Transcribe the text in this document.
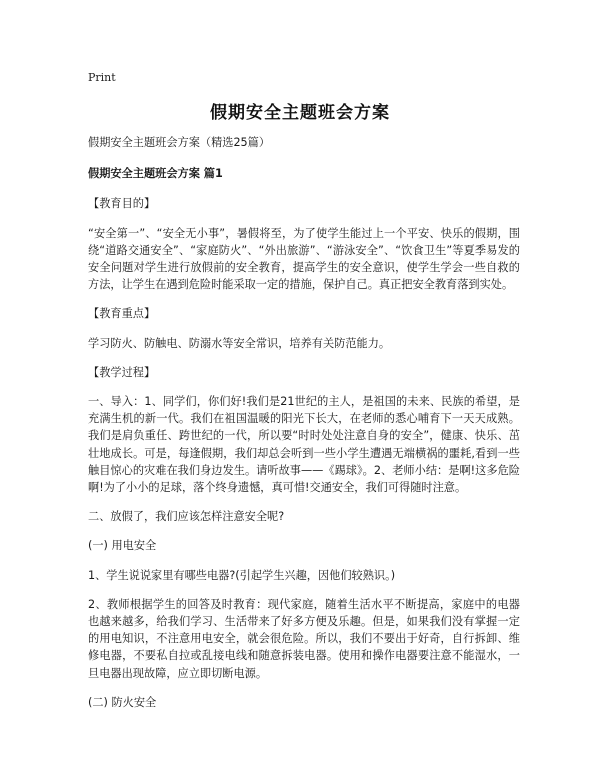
Print
假期安全主题班会方案

假期安全主题班会方案（精选25篇）

假期安全主题班会方案 篇1

【教育目的】

“安全第一”、“安全无小事”，暑假将至，为了使学生能过上一个平安、快乐的假期，围绕“道路交通安全”、“家庭防火”、“外出旅游”、“游泳安全”、“饮食卫生”等夏季易发的安全问题对学生进行放假前的安全教育，提高学生的安全意识，使学生学会一些自救的方法，让学生在遇到危险时能采取一定的措施，保护自己。真正把安全教育落到实处。

【教育重点】

学习防火、防触电、防溺水等安全常识，培养有关防范能力。

【教学过程】

一、导入：1、同学们，你们好!我们是21世纪的主人，是祖国的未来、民族的希望，是充满生机的新一代。我们在祖国温暖的阳光下长大，在老师的悉心哺育下一天天成熟。我们是肩负重任、跨世纪的一代，所以要“时时处处注意自身的安全”，健康、快乐、茁壮地成长。可是，每逢假期，我们却总会听到一些小学生遭遇无端横祸的噩耗,看到一些触目惊心的灾难在我们身边发生。请听故事——《踢球》。2、老师小结：是啊!这多危险啊!为了小小的足球，落个终身遗憾，真可惜!交通安全，我们可得随时注意。

二、放假了，我们应该怎样注意安全呢?

(一) 用电安全

1、学生说说家里有哪些电器?(引起学生兴趣，因他们较熟识。)

2、教师根据学生的回答及时教育：现代家庭，随着生活水平不断提高，家庭中的电器也越来越多，给我们学习、生活带来了好多方便及乐趣。但是，如果我们没有掌握一定的用电知识，不注意用电安全，就会很危险。所以，我们不要出于好奇，自行拆卸、维修电器，不要私自拉或乱接电线和随意拆装电器。使用和操作电器要注意不能湿水，一旦电器出现故障，应立即切断电源。

(二) 防火安全
